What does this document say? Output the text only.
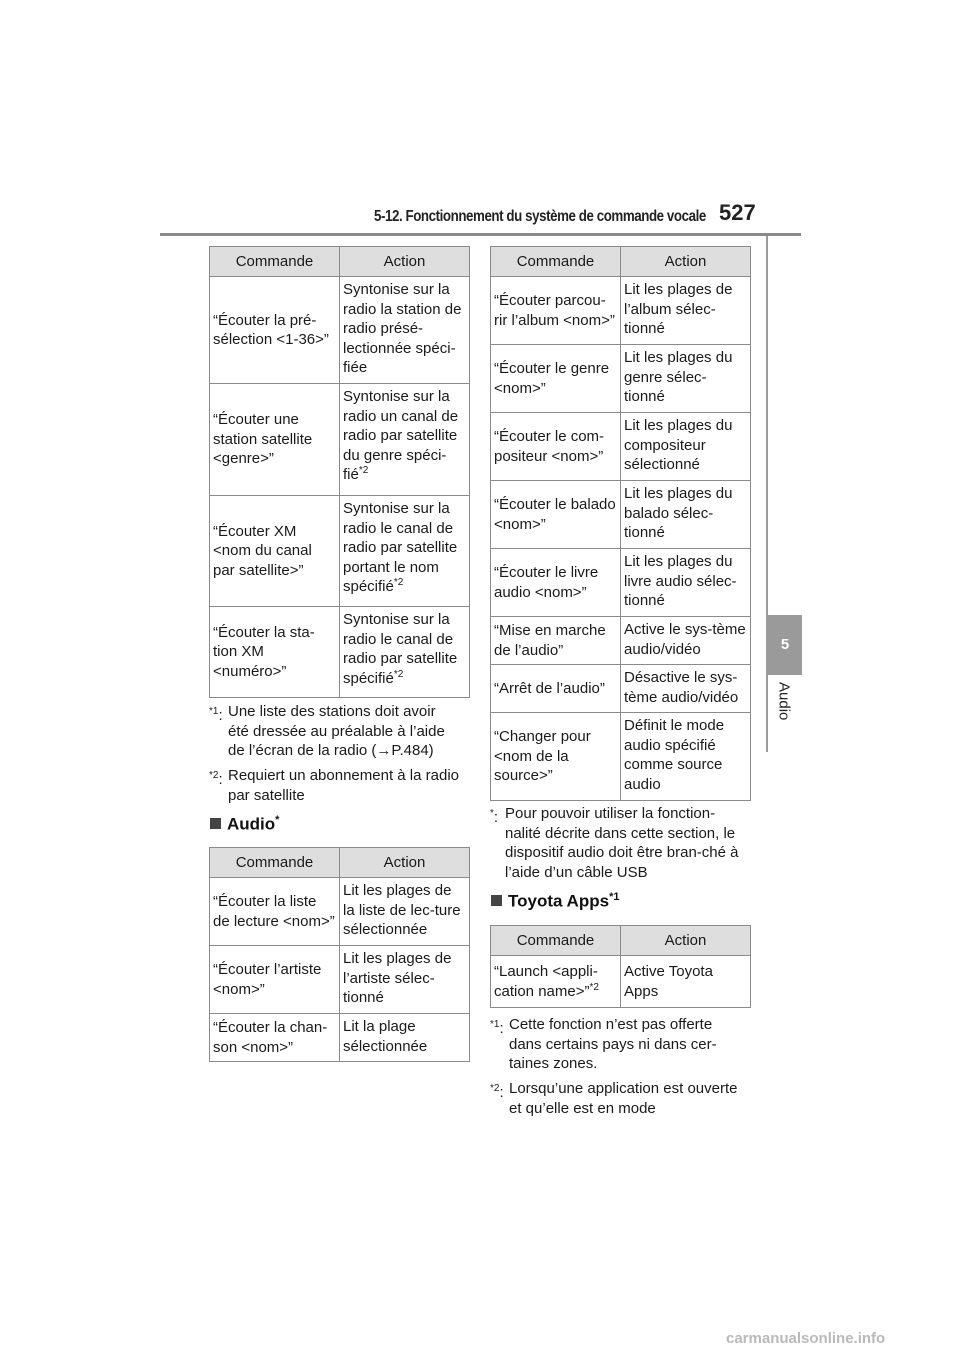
5-12. Fonctionnement du système de commande vocale 527
5
Audio
Commande	Action
“Écouter la pré-sélection <1-36>”	Syntonise sur la radio la station de radio présé-lectionnée spéci-fiée
“Écouter une station satellite <genre>”	Syntonise sur la radio un canal de radio par satellite du genre spéci-fié$^{*2}$
“Écouter XM <nom du canal par satellite>”	Syntonise sur la radio le canal de radio par satellite portant le nom spécifié$^{*2}$
“Écouter la sta-tion XM <numéro>”	Syntonise sur la radio le canal de radio par satellite spécifié$^{*2}$
$^{*1}$: Une liste des stations doit avoir été dressée au préalable à l’aide de l’écran de la radio (→P.484)
$^{*2}$: Requiert un abonnement à la radio par satellite
Audio*
Commande	Action
“Écouter la liste de lecture <nom>”	Lit les plages de la liste de lec-ture sélectionnée
“Écouter l’artiste <nom>”	Lit les plages de l’artiste sélec-tionné
“Écouter la chan-son <nom>”	Lit la plage sélectionnée
Commande	Action
“Écouter parcou-rir l’album <nom>”	Lit les plages de l’album sélec-tionné
“Écouter le genre <nom>”	Lit les plages du genre sélec-tionné
“Écouter le com-positeur <nom>”	Lit les plages du compositeur sélectionné
“Écouter le balado <nom>”	Lit les plages du balado sélec-tionné
“Écouter le livre audio <nom>”	Lit les plages du livre audio sélec-tionné
“Mise en marche de l’audio”	Active le sys-tème audio/vidéo
“Arrêt de l’audio”	Désactive le sys-tème audio/vidéo
“Changer pour <nom de la source>”	Définit le mode audio spécifié comme source audio
*: Pour pouvoir utiliser la fonction-nalité décrite dans cette section, le dispositif audio doit être bran-ché à l’aide d’un câble USB
Toyota Apps$^{*1}$
Commande	Action
“Launch <appli-cation name>”$^{*2}$	Active Toyota Apps
$^{*1}$: Cette fonction n’est pas offerte dans certains pays ni dans cer-taines zones.
$^{*2}$: Lorsqu’une application est ouverte et qu’elle est en mode
carmanualsonline.info
